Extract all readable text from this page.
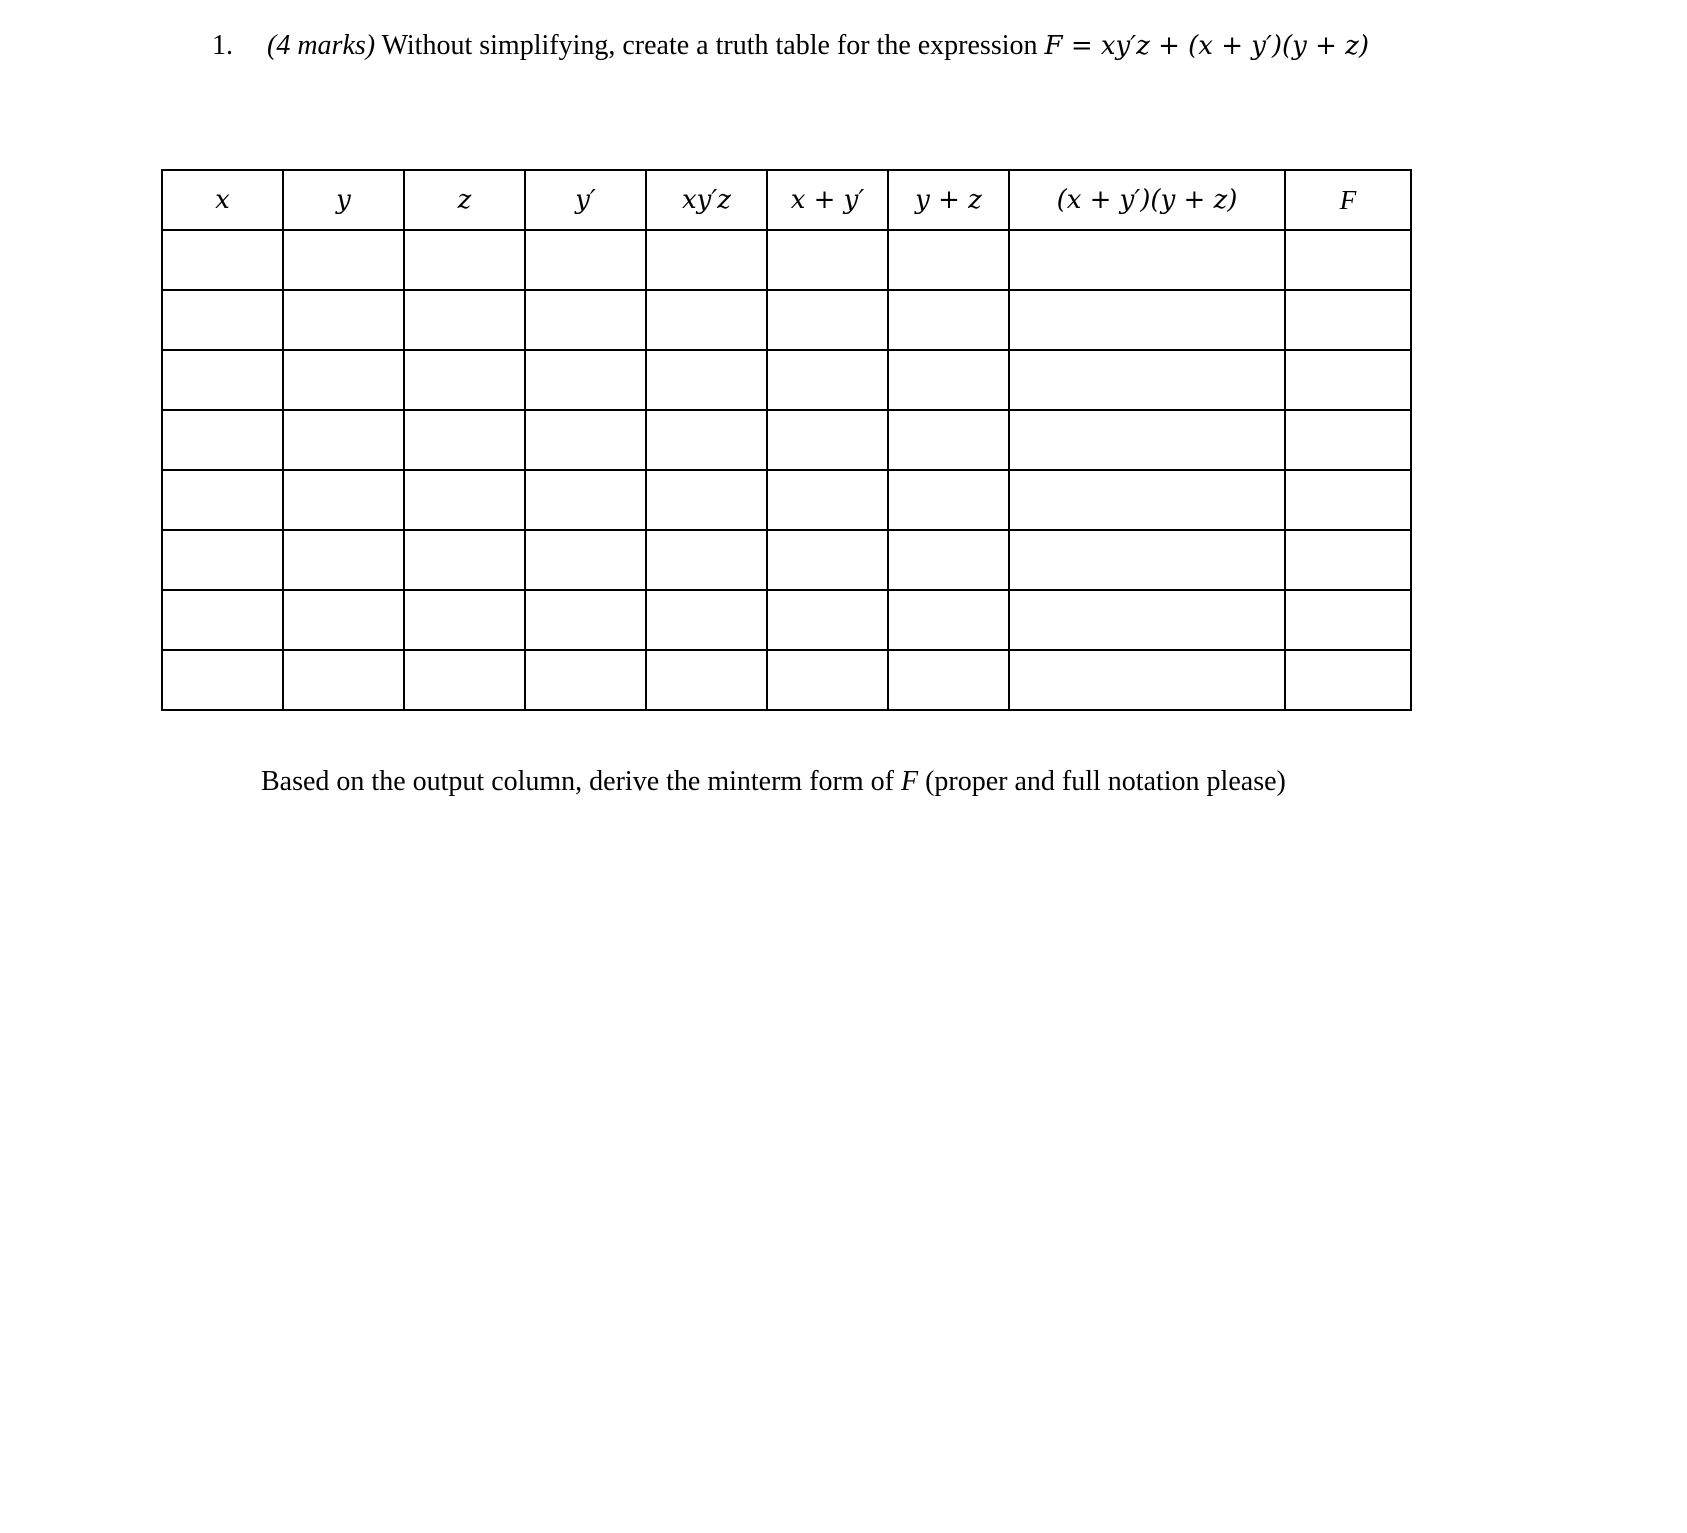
1. (4 marks) Without simplifying, create a truth table for the expression F = xy′z + (x + y′)(y + z)
x	y	z	y′	xy′z	x + y′	y + z	(x + y′)(y + z)	F

Based on the output column, derive the minterm form of F (proper and full notation please)
